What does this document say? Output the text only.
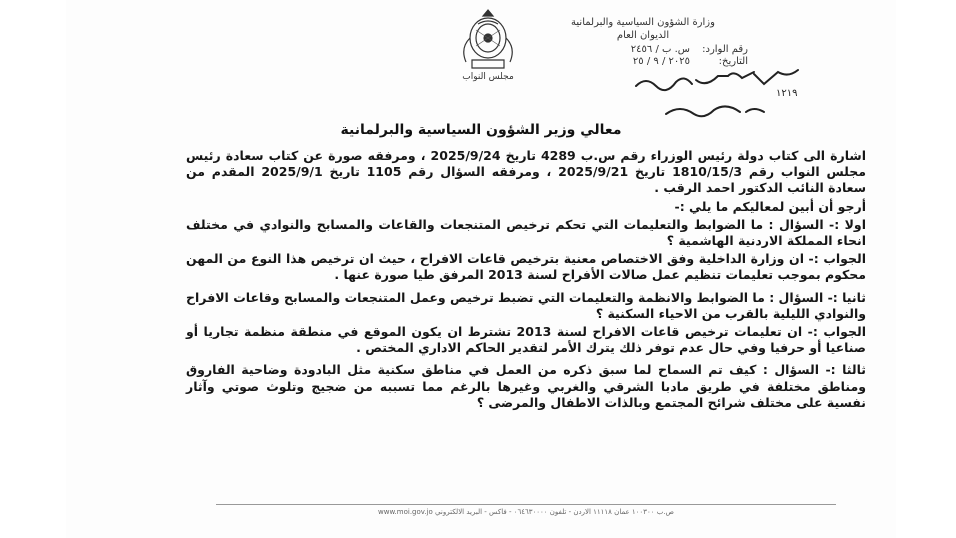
وزارة الشؤون السياسية والبرلمانية
الديوان العام
رقم الوارد:
س. ب / ٢٤٥٦
التاريخ:
٢٠٢٥ / ٩ / ٢٥
مجلس النواب
١٢١٩
معالي وزير الشؤون السياسية والبرلمانية

اشارة الى كتاب دولة رئيس الوزراء رقم س.ب 4289 تاريخ 2025/9/24 ، ومرفقه صورة عن كتاب سعادة رئيس مجلس النواب رقم 1810/15/3 تاريخ 2025/9/21 ، ومرفقه السؤال رقم 1105 تاريخ 2025/9/1 المقدم من سعادة النائب الدكتور احمد الرقب .

أرجو أن أبين لمعاليكم ما يلي :-

اولا :- السؤال : ما الضوابط والتعليمات التي تحكم ترخيص المتنجعات والقاعات والمسابح والنوادي في مختلف انحاء المملكة الاردنية الهاشمية ؟

الجواب :- ان وزارة الداخلية وفق الاختصاص معنية بترخيص قاعات الافراح ، حيث ان ترخيص هذا النوع من المهن محكوم بموجب تعليمات تنظيم عمل صالات الأفراح لسنة 2013 المرفق طيا صورة عنها .

ثانيا :- السؤال : ما الضوابط والانظمة والتعليمات التي تضبط ترخيص وعمل المتنجعات والمسابح وقاعات الافراح والنوادي الليلية بالقرب من الاحياء السكنية ؟

الجواب :- ان تعليمات ترخيص قاعات الافراح لسنة 2013 تشترط ان يكون الموقع في منطقة منظمة تجاريا أو صناعيا أو حرفيا وفي حال عدم توفر ذلك يترك الأمر لتقدير الحاكم الاداري المختص .

ثالثا :- السؤال : كيف تم السماح لما سبق ذكره من العمل في مناطق سكنية مثل البادودة وضاحية الفاروق ومناطق مختلفة في طريق مادبا الشرقي والغربي وغيرها بالرغم مما تسببه من ضجيج وتلوث صوتي وآثار نفسية على مختلف شرائح المجتمع وبالذات الاطفال والمرضى ؟

ص.ب ١٠٠٣٠٠ عمان ١١١١٨ الاردن - تلفون ٠٦٤٦٣٠٠٠٠ - فاكس - البريد الالكتروني www.moi.gov.jo
